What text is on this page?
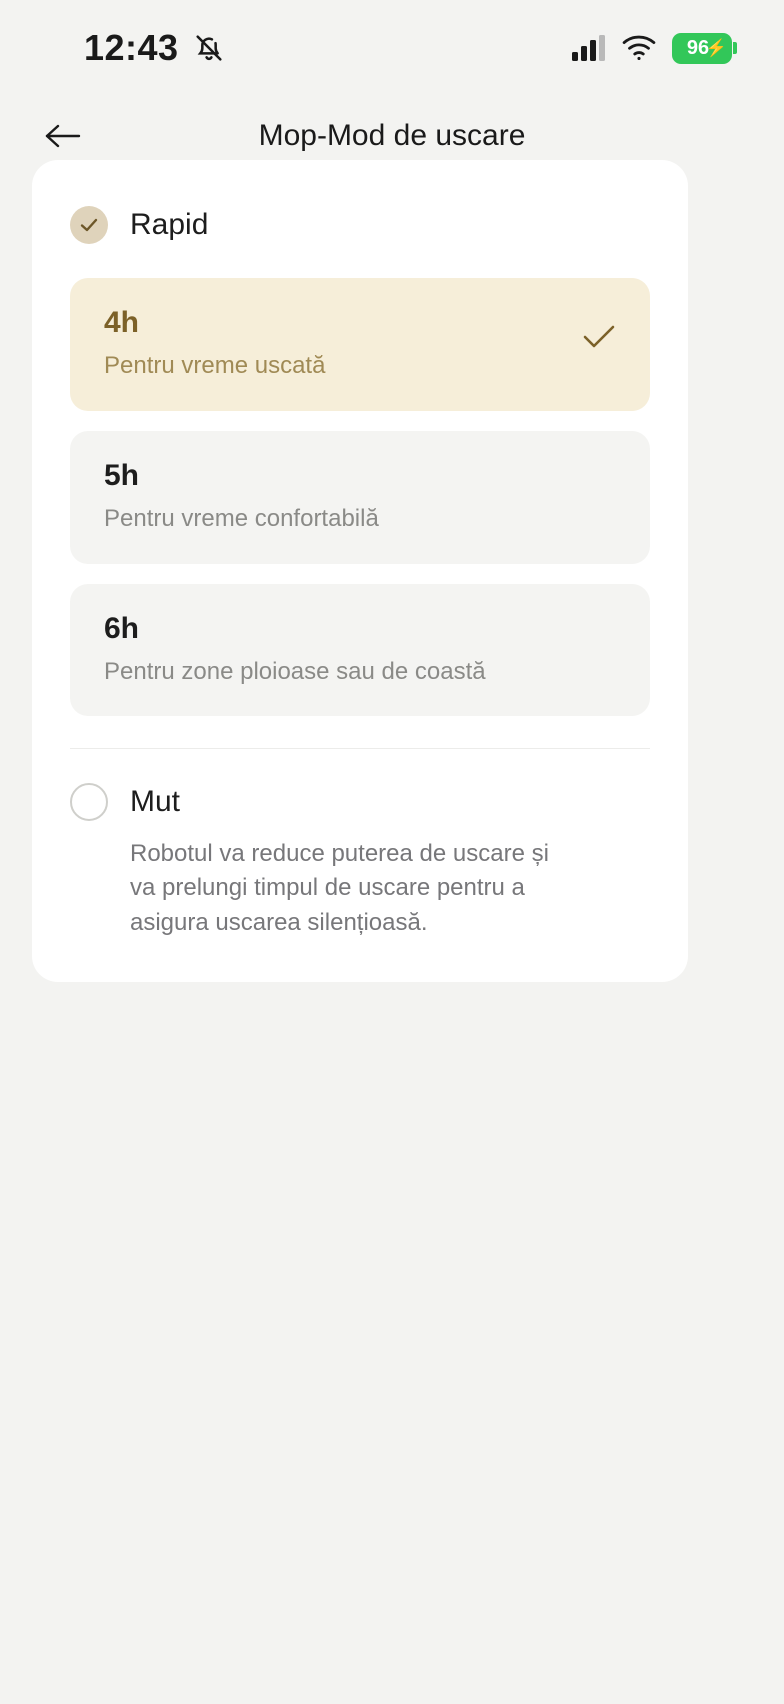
12:43	96
⚡
Mop-Mod de uscare
Rapid
4h
Pentru vreme uscată
5h
Pentru vreme confortabilă
6h
Pentru zone ploioase sau de coastă
Mut
Robotul va reduce puterea de uscare și va prelungi timpul de uscare pentru a asigura uscarea silențioasă.
